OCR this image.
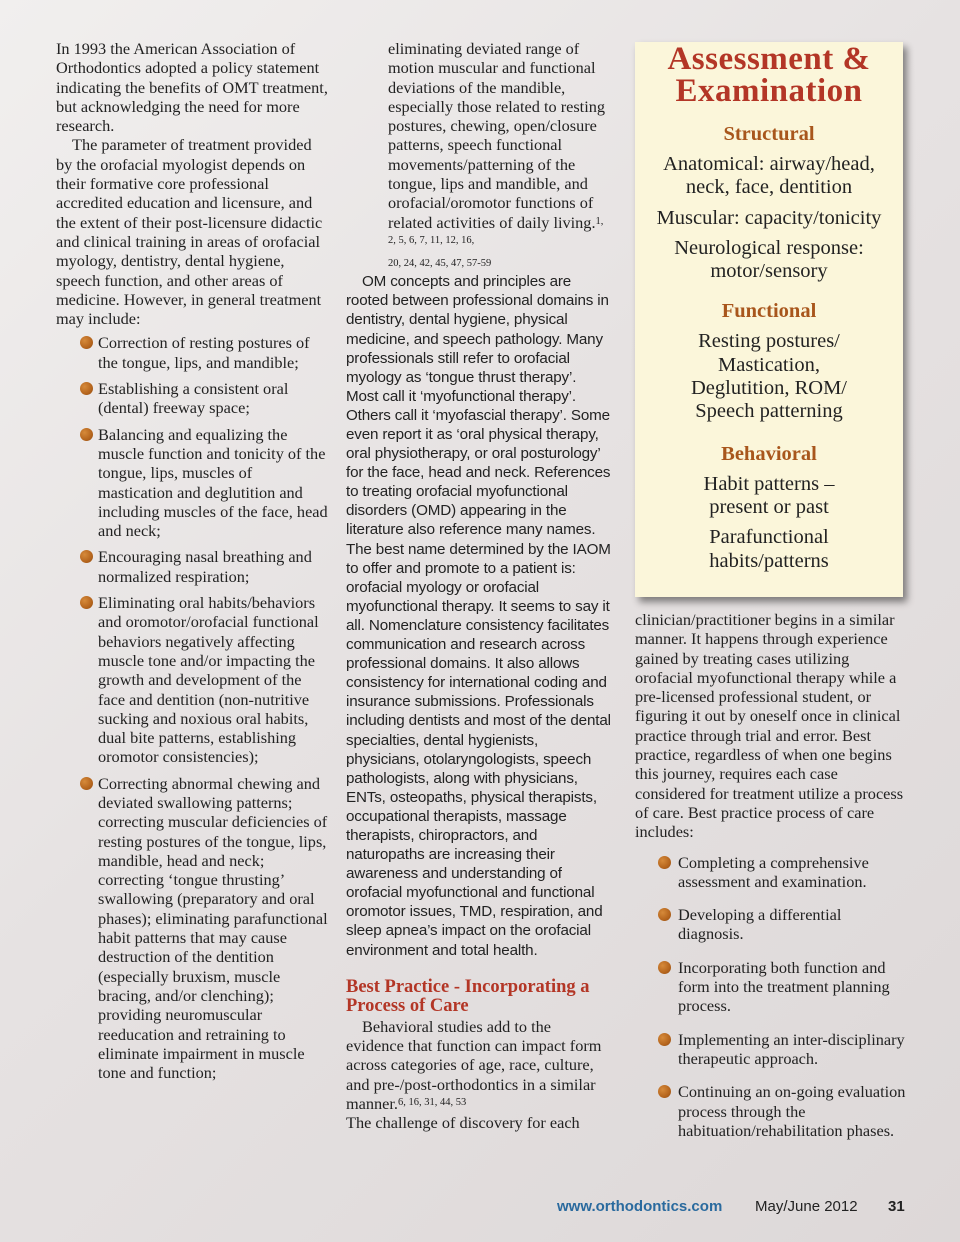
In 1993 the American Association of Orthodontics adopted a policy statement indicating the benefits of OMT treatment, but acknowledging the need for more research.

The parameter of treatment provided by the orofacial myologist depends on their formative core professional accredited education and licensure, and the extent of their post-licensure didactic and clinical training in areas of orofacial myology, dentistry, dental hygiene, speech function, and other areas of medicine. However, in general treatment may include:

Correction of resting postures of the tongue, lips, and mandible;
Establishing a consistent oral (dental) freeway space;
Balancing and equalizing the muscle function and tonicity of the tongue, lips, muscles of mastication and deglutition and including muscles of the face, head and neck;
Encouraging nasal breathing and normalized respiration;
Eliminating oral habits/behaviors and oromotor/orofacial functional behaviors negatively affecting muscle tone and/or impacting the growth and development of the face and dentition (non-nutritive sucking and noxious oral habits, dual bite patterns, establishing oromotor consistencies);
Correcting abnormal chewing and deviated swallowing patterns; correcting muscular deficiencies of resting postures of the tongue, lips, mandible, head and neck; correcting ‘tongue thrusting’ swallowing (preparatory and oral phases); eliminating parafunctional habit patterns that may cause destruction of the dentition (especially bruxism, muscle bracing, and/or clenching); providing neuromuscular reeducation and retraining to eliminate impairment in muscle tone and function;

eliminating deviated range of motion muscular and functional deviations of the mandible, especially those related to resting postures, chewing, open/closure patterns, speech functional movements/patterning of the tongue, lips and mandible, and orofacial/oromotor functions of related activities of daily living.$^{1, 2, 5, 6, 7, 11, 12, 16,}$
20, 24, 42, 45, 47, 57-59

OM concepts and principles are rooted between professional domains in dentistry, dental hygiene, physical medicine, and speech pathology. Many professionals still refer to orofacial myology as ‘tongue thrust therapy’. Most call it ‘myofunctional therapy’. Others call it ‘myofascial therapy’. Some even report it as ‘oral physical therapy, oral physiotherapy, or oral posturology’ for the face, head and neck. References to treating orofacial myofunctional disorders (OMD) appearing in the literature also reference many names. The best name determined by the IAOM to offer and promote to a patient is: orofacial myology or orofacial myofunctional therapy. It seems to say it all. Nomenclature consistency facilitates communication and research across professional domains. It also allows consistency for international coding and insurance submissions. Professionals including dentists and most of the dental specialties, dental hygienists, physicians, otolaryngologists, speech pathologists, along with physicians, ENTs, osteopaths, physical therapists, occupational therapists, massage therapists, chiropractors, and naturopaths are increasing their awareness and understanding of orofacial myofunctional and functional oromotor issues, TMD, respiration, and sleep apnea’s impact on the orofacial environment and total health.

Best Practice - Incorporating a Process of Care

Behavioral studies add to the evidence that function can impact form across categories of age, race, culture, and pre-/post-orthodontics in a similar manner.$^{6, 16, 31, 44, 53}$

The challenge of discovery for each

Assessment & Examination
Structural
Anatomical: airway/head, neck, face, dentition
Muscular: capacity/tonicity
Neurological response: motor/sensory
Functional
Resting postures/ Mastication, Deglutition, ROM/ Speech patterning
Behavioral
Habit patterns – present or past
Parafunctional habits/patterns

clinician/practitioner begins in a similar manner. It happens through experience gained by treating cases utilizing orofacial myofunctional therapy while a pre-licensed professional student, or figuring it out by oneself once in clinical practice through trial and error. Best practice, regardless of when one begins this journey, requires each case considered for treatment utilize a process of care. Best practice process of care includes:

Completing a comprehensive assessment and examination.
Developing a differential diagnosis.
Incorporating both function and form into the treatment planning process.
Implementing an inter-disciplinary therapeutic approach.
Continuing an on-going evaluation process through the habituation/rehabilitation phases.
www.orthodontics.com May/June 2012 31
